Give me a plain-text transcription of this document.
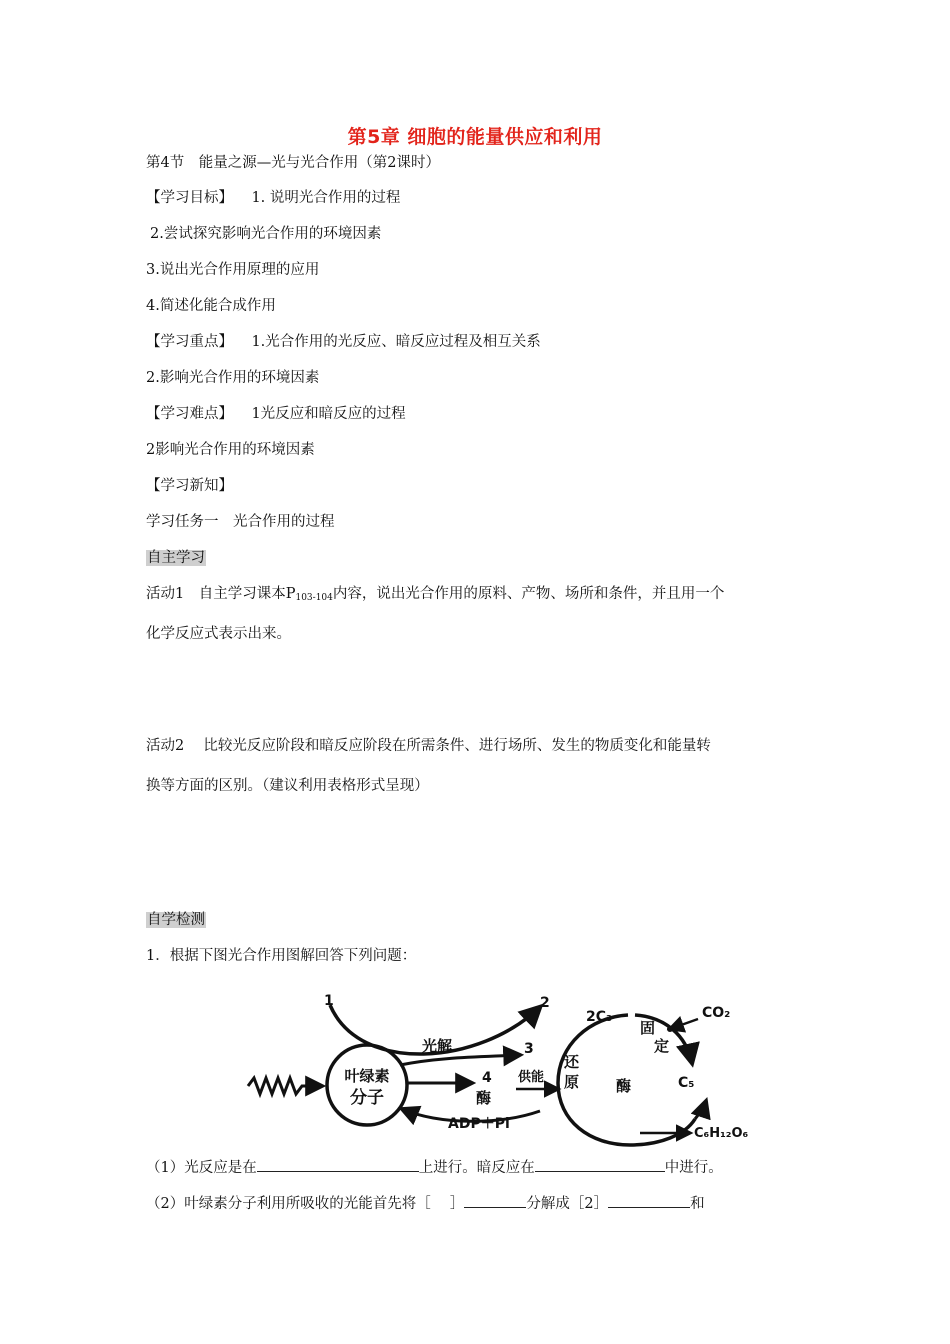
第5章 细胞的能量供应和利用
第4节　能量之源—光与光合作用（第2课时）
【学习目标】 1. 说明光合作用的过程
2.尝试探究影响光合作用的环境因素
3.说出光合作用原理的应用
4.简述化能合成作用
【学习重点】 1.光合作用的光反应、暗反应过程及相互关系
2.影响光合作用的环境因素
【学习难点】 1光反应和暗反应的过程
2影响光合作用的环境因素
【学习新知】
学习任务一　光合作用的过程
自主学习
活动1　自主学习课本P103-104内容，说出光合作用的原料、产物、场所和条件，并且用一个
化学反应式表示出来。
活动2　 比较光反应阶段和暗反应阶段在所需条件、进行场所、发生的物质变化和能量转
换等方面的区别。（建议利用表格形式呈现）
自学检测
1．根据下图光合作用图解回答下列问题：
叶绿素
分子
1	2
光解	3
4
酶
ADP＋Pi
供能
2C₃
固
定
CO₂
还
原 酶	C₅
C₆H₁₂O₆
（1）光反应是在	上进行。暗反应在	中进行。
（2）叶绿素分子利用所吸收的光能首先将［　 ］	分解成［2］	和
